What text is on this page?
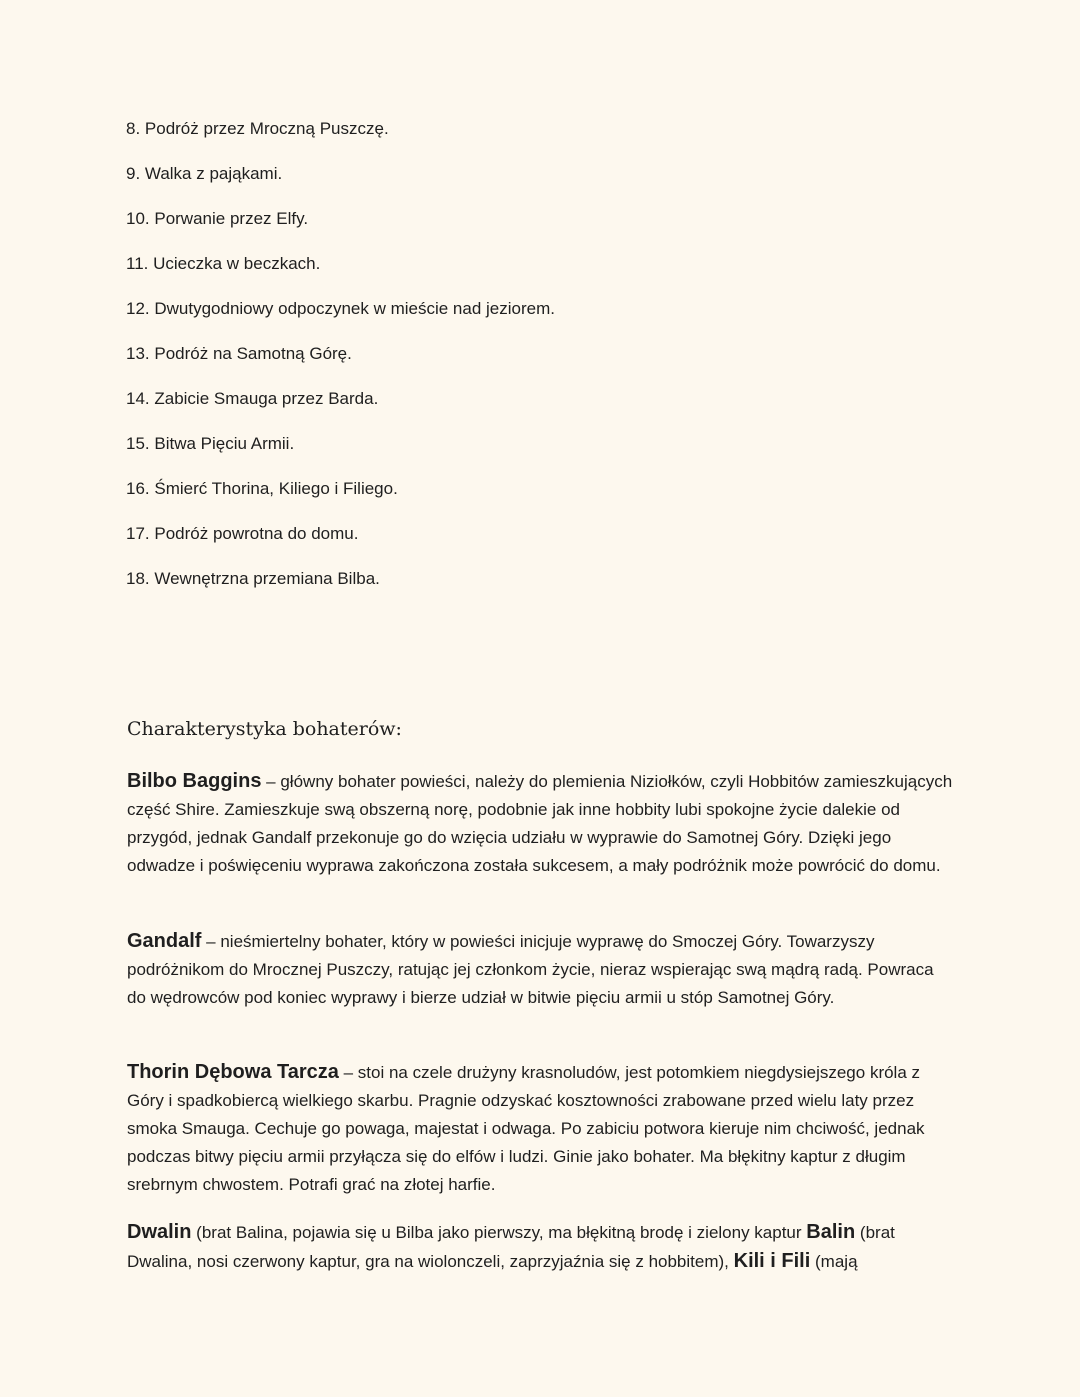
8. Podróż przez Mroczną Puszczę.
9. Walka z pająkami.
10. Porwanie przez Elfy.
11. Ucieczka w beczkach.
12. Dwutygodniowy odpoczynek w mieście nad jeziorem.
13. Podróż na Samotną Górę.
14. Zabicie Smauga przez Barda.
15. Bitwa Pięciu Armii.
16. Śmierć Thorina, Kiliego i Filiego.
17. Podróż powrotna do domu.
18. Wewnętrzna przemiana Bilba.
Charakterystyka bohaterów:

Bilbo Baggins – główny bohater powieści, należy do plemienia Niziołków, czyli Hobbitów zamieszkujących część Shire. Zamieszkuje swą obszerną norę, podobnie jak inne hobbity lubi spokojne życie dalekie od przygód, jednak Gandalf przekonuje go do wzięcia udziału w wyprawie do Samotnej Góry. Dzięki jego odwadze i poświęceniu wyprawa zakończona została sukcesem, a mały podróżnik może powrócić do domu.

Gandalf – nieśmiertelny bohater, który w powieści inicjuje wyprawę do Smoczej Góry. Towarzyszy podróżnikom do Mrocznej Puszczy, ratując jej członkom życie, nieraz wspierając swą mądrą radą. Powraca do wędrowców pod koniec wyprawy i bierze udział w bitwie pięciu armii u stóp Samotnej Góry.

Thorin Dębowa Tarcza – stoi na czele drużyny krasnoludów, jest potomkiem niegdysiejszego króla z Góry i spadkobiercą wielkiego skarbu. Pragnie odzyskać kosztowności zrabowane przed wielu laty przez smoka Smauga. Cechuje go powaga, majestat i odwaga. Po zabiciu potwora kieruje nim chciwość, jednak podczas bitwy pięciu armii przyłącza się do elfów i ludzi. Ginie jako bohater. Ma błękitny kaptur z długim srebrnym chwostem. Potrafi grać na złotej harfie.

Dwalin (brat Balina, pojawia się u Bilba jako pierwszy, ma błękitną brodę i zielony kaptur Balin (brat Dwalina, nosi czerwony kaptur, gra na wiolonczeli, zaprzyjaźnia się z hobbitem), Kili i Fili (mają
